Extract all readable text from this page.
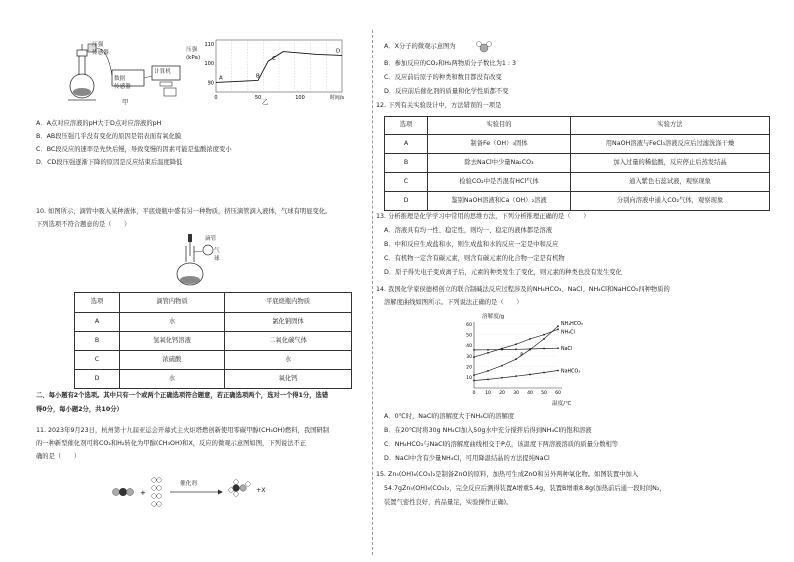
压强
传感器
数据
传感器
计算机
甲
压强
(kPa)
110
100
90
0	50	100	时间/s
A	B
C
D
乙
A．A点对应溶液的pH大于D点对应溶液的pH
B．AB段压强几乎没有变化的原因是铝表面有氧化膜
C．BC段反应的速率是先快后慢，导致变慢的因素可能是盐酸浓度变小
D．CD段压强逐渐下降的原因是反应结束后温度降低
10. 如图所示，滴管中吸入某种液体，平底烧瓶中盛有另一种物质，挤压滴管滴入液体，气球有明显变化。
下列选项不符合题意的是（　　）
滴管
气
球
选项	滴管内物质	平底烧瓶内物质
A	水	氯化钠固体
B	氢氧化钙溶液	二氧化碳气体
C	浓硫酸	水
D	水	氧化钙
二、每小题有2个选项。其中只有一个或两个正确选项符合题意，若正确选项两个，选对一个得1分，选错
得0分，每小题2分，共10分）
11. 2023年9月23日，杭州第十九届亚运会开幕式主火炬塔燃创新使用零碳甲醇(CH₃OH)燃料，我国研制
的一种新型催化剂可将CO₂和H₂转化为甲醇(CH₃OH)和X，反应的微观示意图如图，下列说法不正
确的是（　　）
+
催化剂
+X
A．X分子的微观示意图为
B．参加反应的CO₂和H₂两物质分子数比为1 : 3
C．反应前后原子的种类和数目都没有改变
D．反应前后催化剂的质量和化学性质都不变
12. 下列有关实验设计中，方法错误的一项是
选项	实验目的	实验方法
A	制备Fe（OH）₃固体	用NaOH溶液与FeCl₃溶液反应后过滤洗涤干燥
B	除去NaCl中少量Na₂CO₃	加入过量的稀盐酸，反应停止后蒸发结晶
C	检验CO₂中是否混有HCl气体	通入紫色石蕊试液，观察现象
D	鉴别NaOH溶液和Ca（OH）₂溶液	分别向溶液中通入CO₂气体，观察现象
13. 分析推理是化学学习中常用的思维方法，下列分析推理正确的是（　　）
A．溶液具有均一性、稳定性，则均一、稳定的液体都是溶液
B．中和反应生成盐和水，则生成盐和水的反应一定是中和反应
C．有机物一定含有碳元素，则含有碳元素的化合物一定是有机物
D．原子得失电子变成离子后，元素的种类发生了变化，则元素的种类也没有发生变化
14. 我国化学家侯德榜创立的联合制碱法反应过程涉及的NH₄HCO₃、NaCl、NH₄Cl和NaHCO₃四种物质的
溶解度曲线如图所示。下列说法正确的是（　　）
溶解度/g
60
50
40
30
20
10
0 10 20 30 40 50 60
NH₄HCO₃
NH₄Cl
NaCl
NaHCO₃
P
温度/℃
A．0℃时，NaCl的溶解度大于NH₄Cl的溶解度
B．在20℃时将30g NH₄Cl加入50g水中充分搅拌后得到NH₄Cl的饱和溶液
C．NH₄HCO₃与NaCl的溶解度曲线相交于P点，该温度下两溶液溶质的质量分数相等
D．NaCl中含有少量NH₄Cl，可用降温结晶的方法提纯NaCl
15. Zn₅(OH)₆(CO₃)₂是制备ZnO的原料，加热可生成ZnO和另外两种氧化物。如图装置中加入
54.7gZn₅(OH)₆(CO₃)₂，完全反应后测得装置A增重5.4g，装置B增重8.8g(加热前后通一段时间N₂，
装置气密性良好，药品量足，实验操作正确)。
